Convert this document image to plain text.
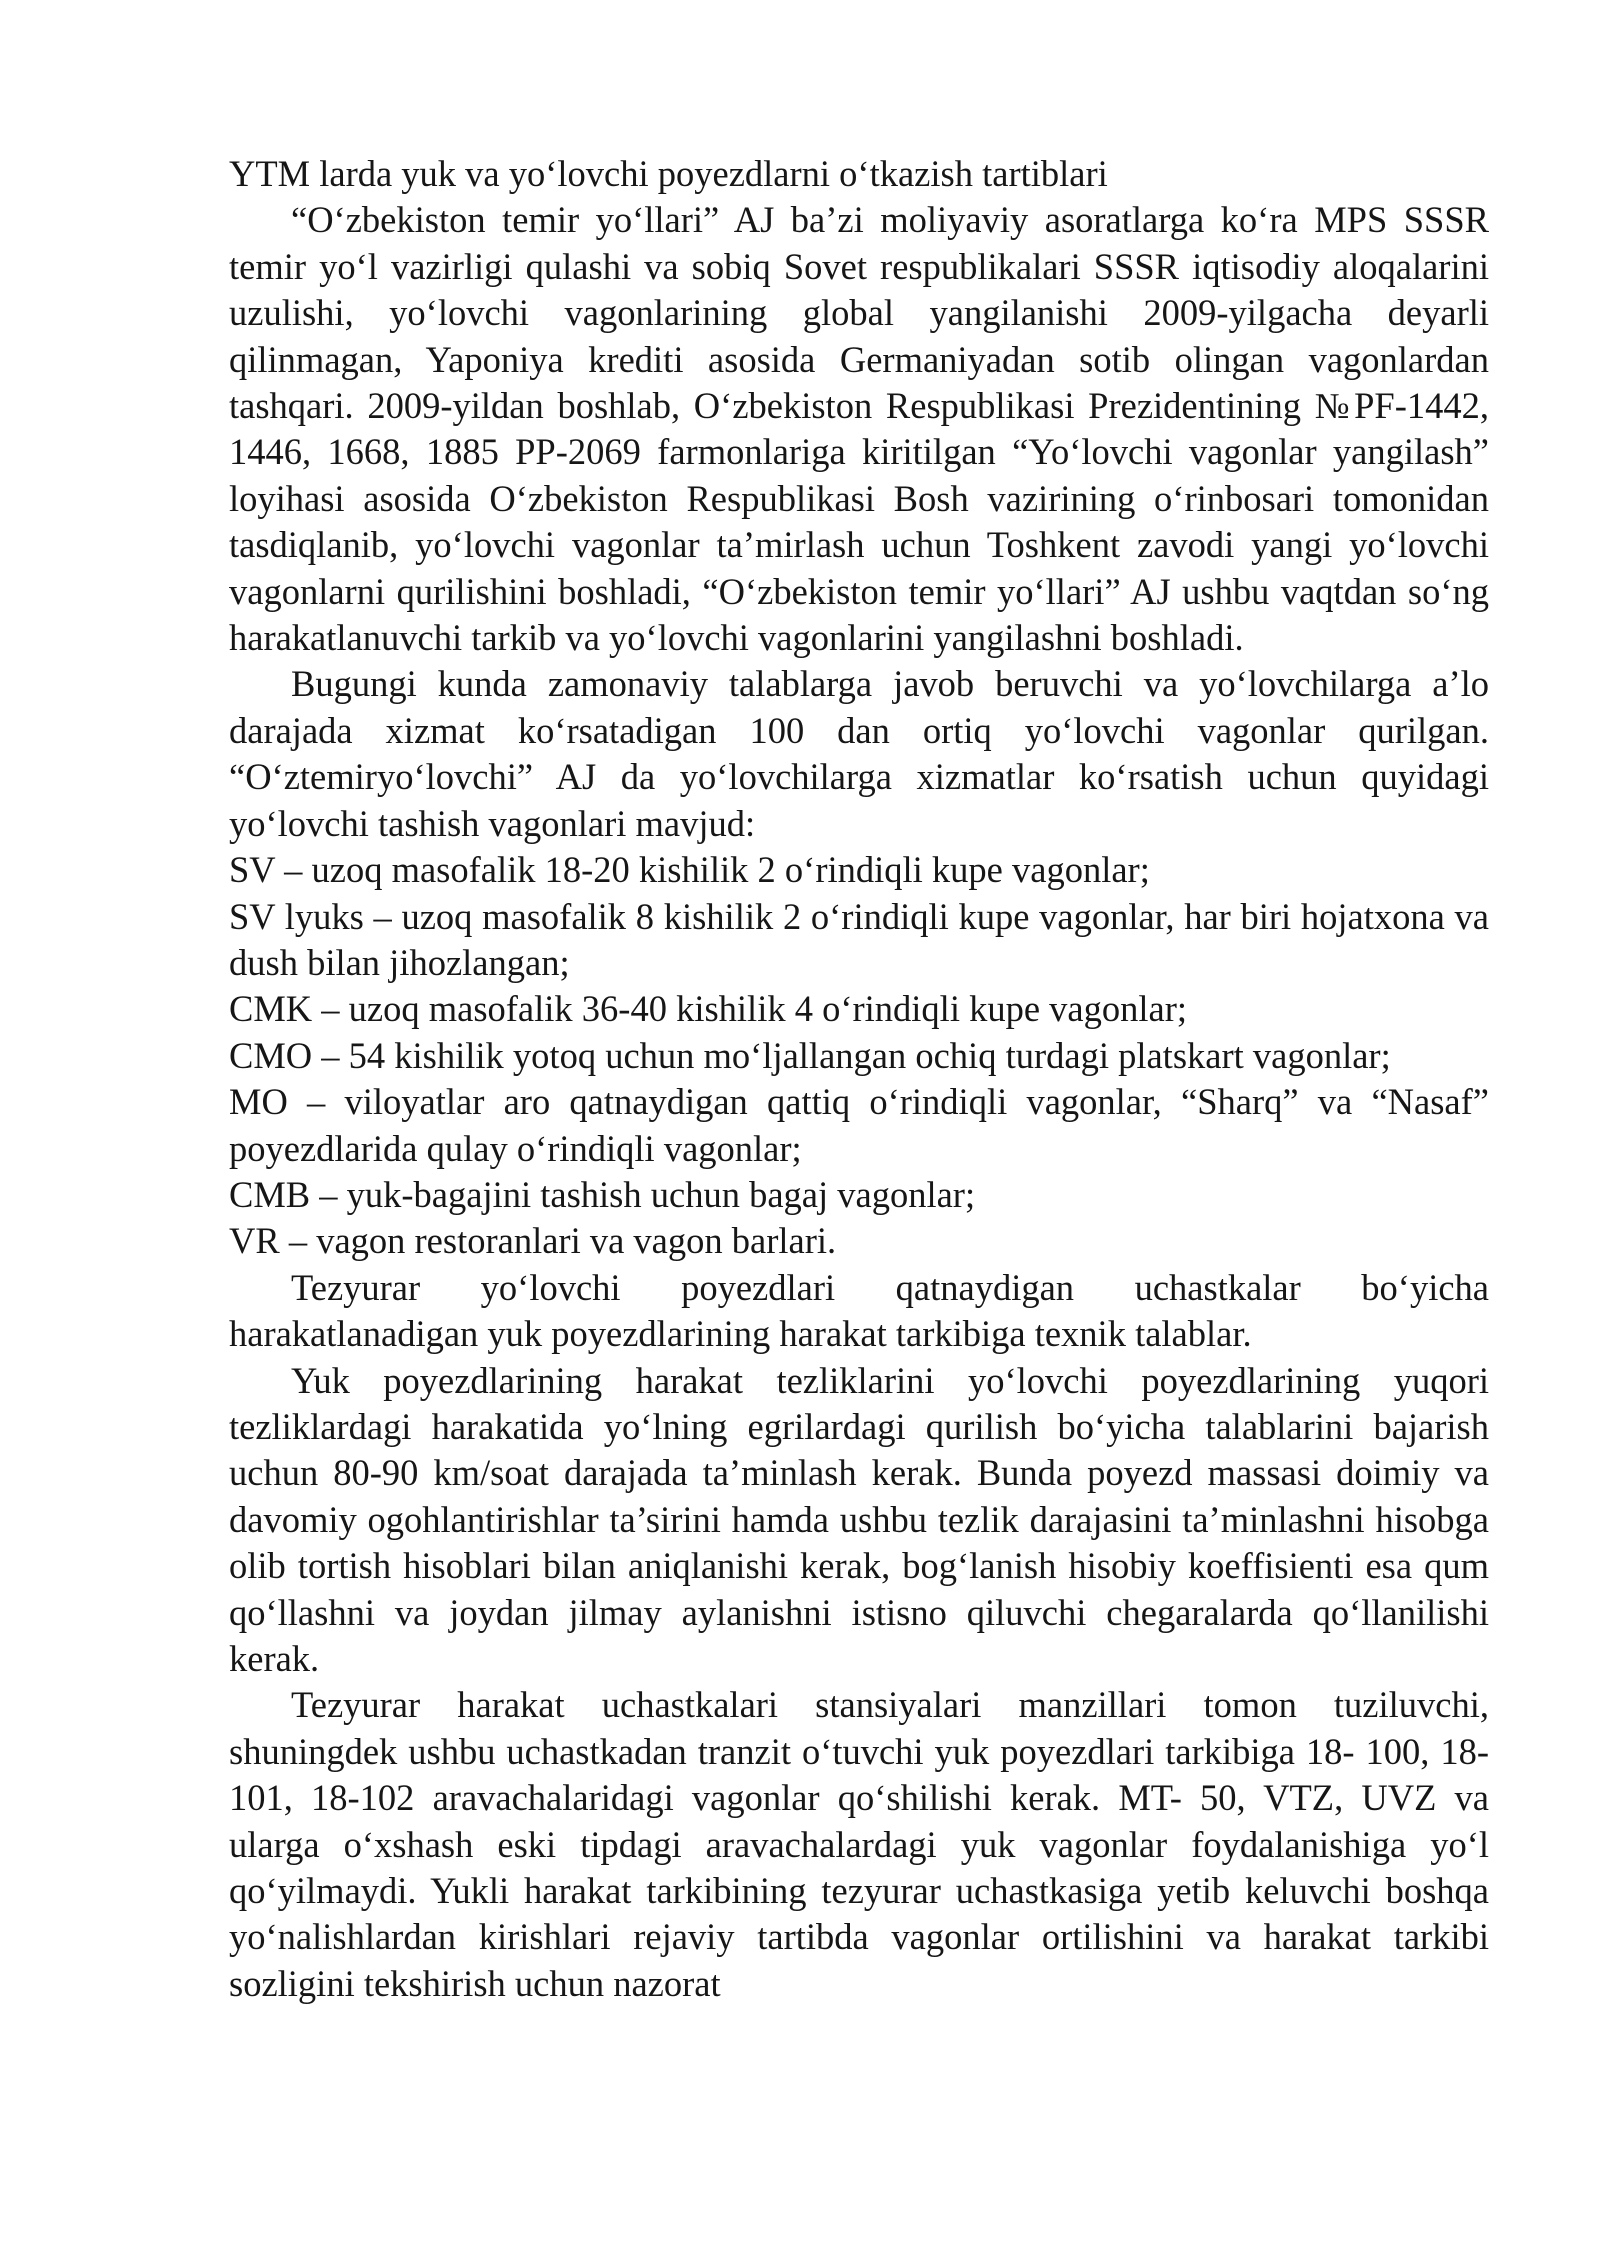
YTM larda yuk va yo‘lovchi poyezdlarni o‘tkazish tartiblari

“O‘zbekiston temir yo‘llari” AJ ba’zi moliyaviy asoratlarga ko‘ra MPS SSSR temir yo‘l vazirligi qulashi va sobiq Sovet respublikalari SSSR iqtisodiy aloqalarini uzulishi, yo‘lovchi vagonlarining global yangilanishi 2009-yilgacha deyarli qilinmagan, Yaponiya krediti asosida Germaniyadan sotib olingan vagonlardan tashqari. 2009-yildan boshlab, O‘zbekiston Respublikasi Prezidentining №PF-1442, 1446, 1668, 1885 PP-2069 farmonlariga kiritilgan “Yo‘lovchi vagonlar yangilash” loyihasi asosida O‘zbekiston Respublikasi Bosh vazirining o‘rinbosari tomonidan tasdiqlanib, yo‘lovchi vagonlar ta’mirlash uchun Toshkent zavodi yangi yo‘lovchi vagonlarni qurilishini boshladi, “O‘zbekiston temir yo‘llari” AJ ushbu vaqtdan so‘ng harakatlanuvchi tarkib va yo‘lovchi vagonlarini yangilashni boshladi.

Bugungi kunda zamonaviy talablarga javob beruvchi va yo‘lovchilarga a’lo darajada xizmat ko‘rsatadigan 100 dan ortiq yo‘lovchi vagonlar qurilgan. “O‘ztemiryo‘lovchi” AJ da yo‘lovchilarga xizmatlar ko‘rsatish uchun quyidagi yo‘lovchi tashish vagonlari mavjud:

SV – uzoq masofalik 18-20 kishilik 2 o‘rindiqli kupe vagonlar;

SV lyuks – uzoq masofalik 8 kishilik 2 o‘rindiqli kupe vagonlar, har biri hojatxona va dush bilan jihozlangan;

CMK – uzoq masofalik 36-40 kishilik 4 o‘rindiqli kupe vagonlar;

CMO – 54 kishilik yotoq uchun mo‘ljallangan ochiq turdagi platskart vagonlar;

MO – viloyatlar aro qatnaydigan qattiq o‘rindiqli vagonlar, “Sharq” va “Nasaf” poyezdlarida qulay o‘rindiqli vagonlar;

CMB – yuk-bagajini tashish uchun bagaj vagonlar;

VR – vagon restoranlari va vagon barlari.

Tezyurar yo‘lovchi poyezdlari qatnaydigan uchastkalar bo‘yicha harakatlanadigan yuk poyezdlarining harakat tarkibiga texnik talablar.

Yuk poyezdlarining harakat tezliklarini yo‘lovchi poyezdlarining yuqori tezliklardagi harakatida yo‘lning egrilardagi qurilish bo‘yicha talablarini bajarish uchun 80-90 km/soat darajada ta’minlash kerak. Bunda poyezd massasi doimiy va davomiy ogohlantirishlar ta’sirini hamda ushbu tezlik darajasini ta’minlashni hisobga olib tortish hisoblari bilan aniqlanishi kerak, bog‘lanish hisobiy koeffisienti esa qum qo‘llashni va joydan jilmay aylanishni istisno qiluvchi chegaralarda qo‘llanilishi kerak.

Tezyurar harakat uchastkalari stansiyalari manzillari tomon tuziluvchi, shuningdek ushbu uchastkadan tranzit o‘tuvchi yuk poyezdlari tarkibiga 18- 100, 18-101, 18-102 aravachalaridagi vagonlar qo‘shilishi kerak. MT- 50, VTZ, UVZ va ularga o‘xshash eski tipdagi aravachalardagi yuk vagonlar foydalanishiga yo‘l qo‘yilmaydi. Yukli harakat tarkibining tezyurar uchastkasiga yetib keluvchi boshqa yo‘nalishlardan kirishlari rejaviy tartibda vagonlar ortilishini va harakat tarkibi sozligini tekshirish uchun nazorat
